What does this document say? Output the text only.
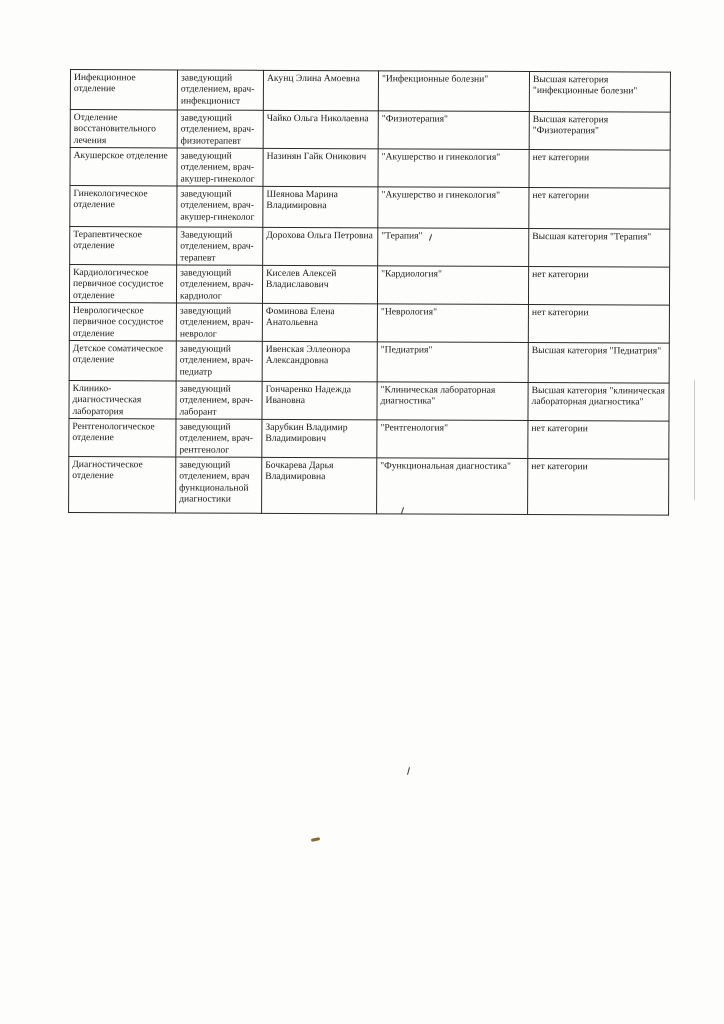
Инфекционное отделение	заведующий отделением, врач-инфекционист	Акунц Элина Амоевна	"Инфекционные болезни"	Высшая категория "инфекционные болезни"
Отделение восстановительного лечения	заведующий отделением, врач-физиотерапевт	Чайко Ольга Николаевна	"Физиотерапия"	Высшая категория "Физиотерапия"
Акушерское отделение	заведующий отделением, врач-акушер-гинеколог	Назинян Гайк Оникович	"Акушерство и гинекология"	нет категории
Гинекологическое отделение	заведующий отделением, врач-акушер-гинеколог	Шеянова Марина Владимировна	"Акушерство и гинекология"	нет категории
Терапевтическое отделение	Заведующий отделением, врач-терапевт	Дорохова Ольга Петровна	"Терапия"	Высшая категория "Терапия"
Кардиологическое первичное сосудистое отделение	заведующий отделением, врач-кардиолог	Киселев Алексей Владиславович	"Кардиология"	нет категории
Неврологическое первичное сосудистое отделение	заведующий отделением, врач-невролог	Фоминова Елена Анатольевна	"Неврология"	нет категории
Детское соматическое отделение	заведующий отделением, врач-педиатр	Ивенская Эллеонора Александровна	"Педиатрия"	Высшая категория "Педиатрия"
Клинико-диагностическая лаборатория	заведующий отделением, врач-лаборант	Гончаренко Надежда Ивановна	"Клиническая лабораторная диагностика"	Высшая категория "клиническая лабораторная диагностика"
Рентгенологическое отделение	заведующий отделением, врач-рентгенолог	Зарубкин Владимир Владимирович	"Рентгенология"	нет категории
Диагностическое отделение	заведующий отделением, врач функциональной диагностики	Бочкарева Дарья Владимировна	"Функциональная диагностика"	нет категории
